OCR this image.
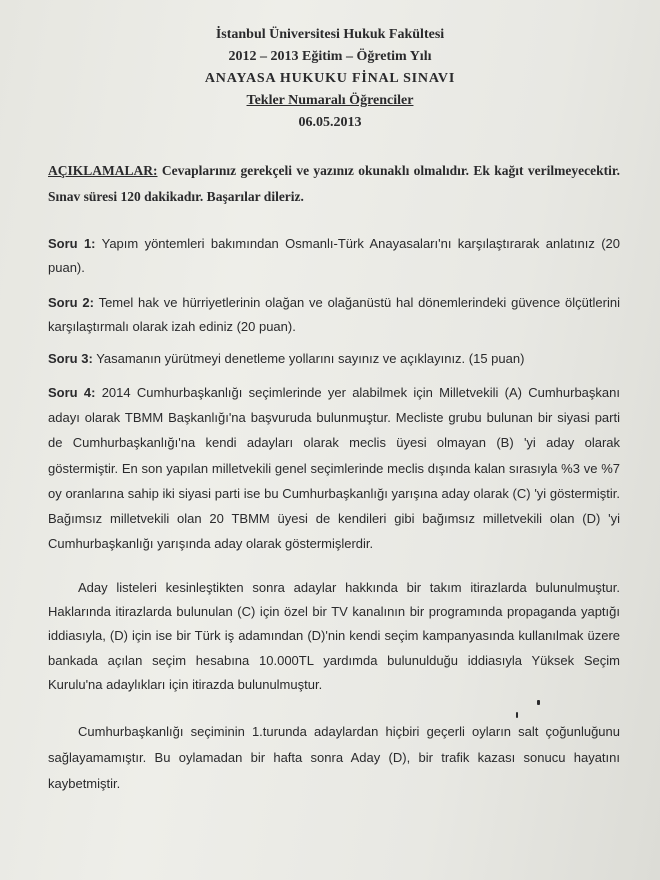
İstanbul Üniversitesi Hukuk Fakültesi
2012 – 2013 Eğitim – Öğretim Yılı
ANAYASA HUKUKU FİNAL SINAVI
Tekler Numaralı Öğrenciler
06.05.2013
AÇIKLAMALAR: Cevaplarınız gerekçeli ve yazınız okunaklı olmalıdır. Ek kağıt verilmeyecektir. Sınav süresi 120 dakikadır. Başarılar dileriz.
Soru 1: Yapım yöntemleri bakımından Osmanlı-Türk Anayasaları'nı karşılaştırarak anlatınız (20 puan).
Soru 2: Temel hak ve hürriyetlerinin olağan ve olağanüstü hal dönemlerindeki güvence ölçütlerini karşılaştırmalı olarak izah ediniz (20 puan).
Soru 3: Yasamanın yürütmeyi denetleme yollarını sayınız ve açıklayınız. (15 puan)
Soru 4: 2014 Cumhurbaşkanlığı seçimlerinde yer alabilmek için Milletvekili (A) Cumhurbaşkanı adayı olarak TBMM Başkanlığı'na başvuruda bulunmuştur. Mecliste grubu bulunan bir siyasi parti de Cumhurbaşkanlığı'na kendi adayları olarak meclis üyesi olmayan (B) 'yi aday olarak göstermiştir. En son yapılan milletvekili genel seçimlerinde meclis dışında kalan sırasıyla %3 ve %7 oy oranlarına sahip iki siyasi parti ise bu Cumhurbaşkanlığı yarışına aday olarak (C) 'yi göstermiştir. Bağımsız milletvekili olan 20 TBMM üyesi de kendileri gibi bağımsız milletvekili olan (D) 'yi Cumhurbaşkanlığı yarışında aday olarak göstermişlerdir.
Aday listeleri kesinleştikten sonra adaylar hakkında bir takım itirazlarda bulunulmuştur. Haklarında itirazlarda bulunulan (C) için özel bir TV kanalının bir programında propaganda yaptığı iddiasıyla, (D) için ise bir Türk iş adamından (D)'nin kendi seçim kampanyasında kullanılmak üzere bankada açılan seçim hesabına 10.000TL yardımda bulunulduğu iddiasıyla Yüksek Seçim Kurulu'na adaylıkları için itirazda bulunulmuştur.
Cumhurbaşkanlığı seçiminin 1.turunda adaylardan hiçbiri geçerli oyların salt çoğunluğunu sağlayamamıştır. Bu oylamadan bir hafta sonra Aday (D), bir trafik kazası sonucu hayatını kaybetmiştir.
